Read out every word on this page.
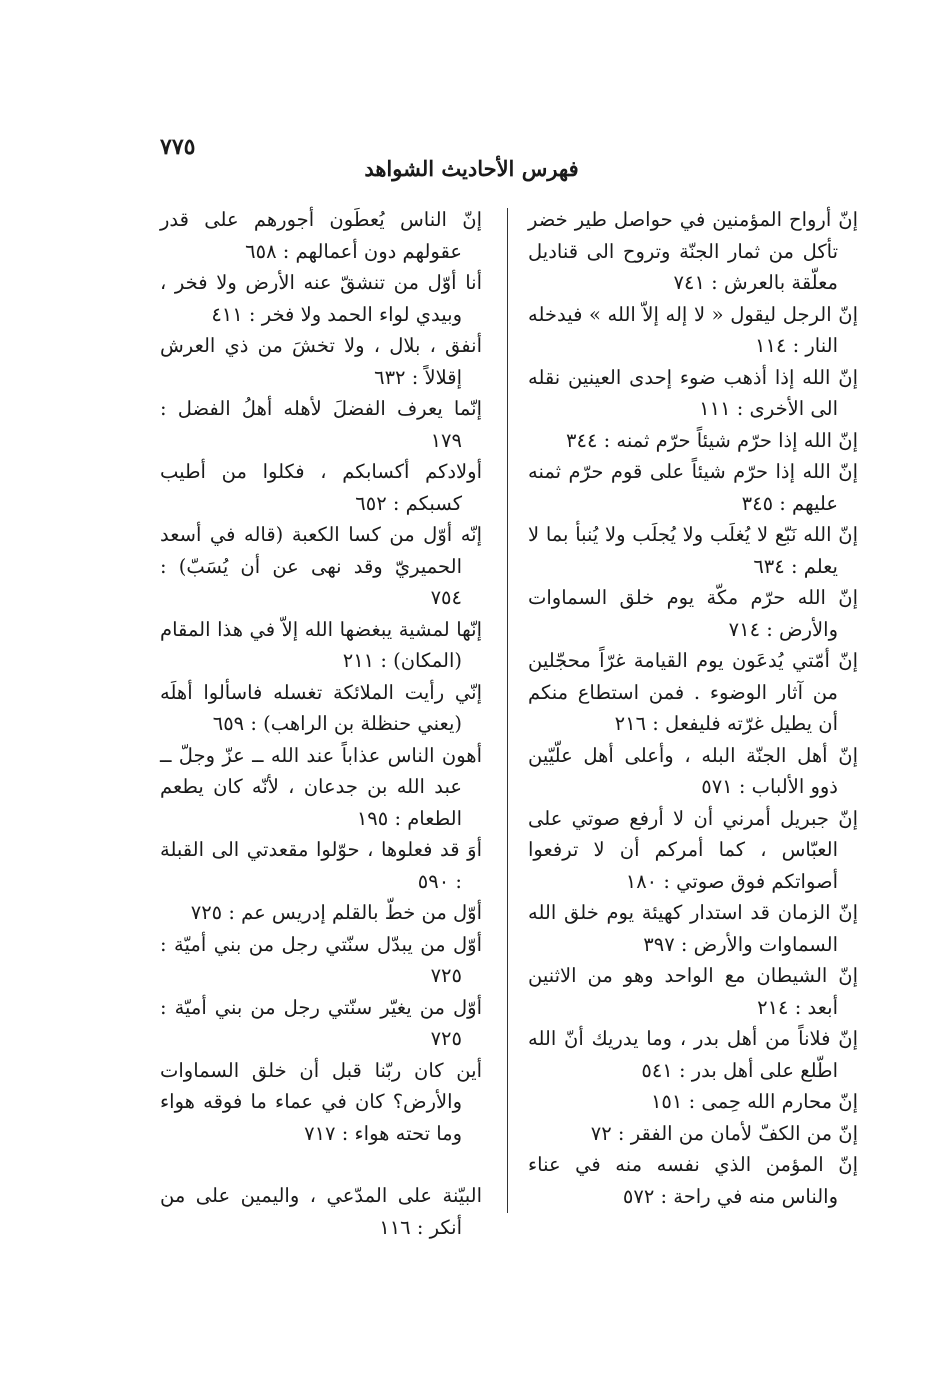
٧٧٥
فهرس الأحاديث الشواهد
إنّ أرواح المؤمنين في حواصل طير خضر تأكل من ثمار الجنّة وتروح الى قناديل معلّقة بالعرش : ٧٤١
إنّ الرجل ليقول « لا إله إلاّ الله » فيدخله النار : ١١٤
إنّ الله إذا أذهب ضوء إحدى العينين نقله الى الأخرى : ١١١
إنّ الله إذا حرّم شيئاً حرّم ثمنه : ٣٤٤
إنّ الله إذا حرّم شيئاً على قوم حرّم ثمنه عليهم : ٣٤٥
إنّ الله نَبّع لا يُغلَب ولا يُجلَب ولا يُنبأ بما لا يعلم : ٦٣٤
إنّ الله حرّم مكّة يوم خلق السماوات والأرض : ٧١٤
إنّ أمّتي يُدعَون يوم القيامة غرّاً محجّلين من آثار الوضوء . فمن استطاع منكم أن يطيل غرّته فليفعل : ٢١٦
إنّ أهل الجنّة البله ، وأعلى أهل علّيّين ذوو الألباب : ٥٧١
إنّ جبريل أمرني أن لا أرفع صوتي على العبّاس ، كما أمركم أن لا ترفعوا أصواتكم فوق صوتي : ١٨٠
إنّ الزمان قد استدار كهيئة يوم خلق الله السماوات والأرض : ٣٩٧
إنّ الشيطان مع الواحد وهو من الاثنين أبعد : ٢١٤
إنّ فلاناً من أهل بدر ، وما يدريك أنّ الله اطّلع على أهل بدر : ٥٤١
إنّ محارم الله حِمى : ١٥١
إنّ من الكفّ لأمان من الفقر : ٧٢
إنّ المؤمن الذي نفسه منه في عناء والناس منه في راحة : ٥٧٢
إنّ الناس يُعطَون أجورهم على قدر عقولهم دون أعمالهم : ٦٥٨
أنا أوّل من تنشقّ عنه الأرض ولا فخر ، وبيدي لواء الحمد ولا فخر : ٤١١
أنفق ، بلال ، ولا تخشَ من ذي العرش إقلالاً : ٦٣٢
إنّما يعرف الفضلَ لأهله أهلُ الفضل : ١٧٩
أولادكم أكسابكم ، فكلوا من أطيب كسبكم : ٦٥٢
إنّه أوّل من كسا الكعبة (قاله في أسعد الحميريّ وقد نهى عن أن يُسَبّ) : ٧٥٤
إنّها لمشية يبغضها الله إلاّ في هذا المقام (المكان) : ٢١١
إنّي رأيت الملائكة تغسله فاسألوا أهلَه (يعني حنظلة بن الراهب) : ٦٥٩
أهون الناس عذاباً عند الله ــ عزّ وجلّ ــ عبد الله بن جدعان ، لأنّه كان يطعم الطعام : ١٩٥
أوَ قد فعلوها ، حوّلوا مقعدتي الى القبلة : ٥٩٠
أوّل من خطّ بالقلم إدريس عم : ٧٢٥
أوّل من يبدّل سنّتي رجل من بني أميّة : ٧٢٥
أوّل من يغيّر سنّتي رجل من بني أميّة : ٧٢٥
أين كان ربّنا قبل أن خلق السماوات والأرض؟ كان في عماء ما فوقه هواء وما تحته هواء : ٧١٧
البيّنة على المدّعي ، واليمين على من أنكر : ١١٦
